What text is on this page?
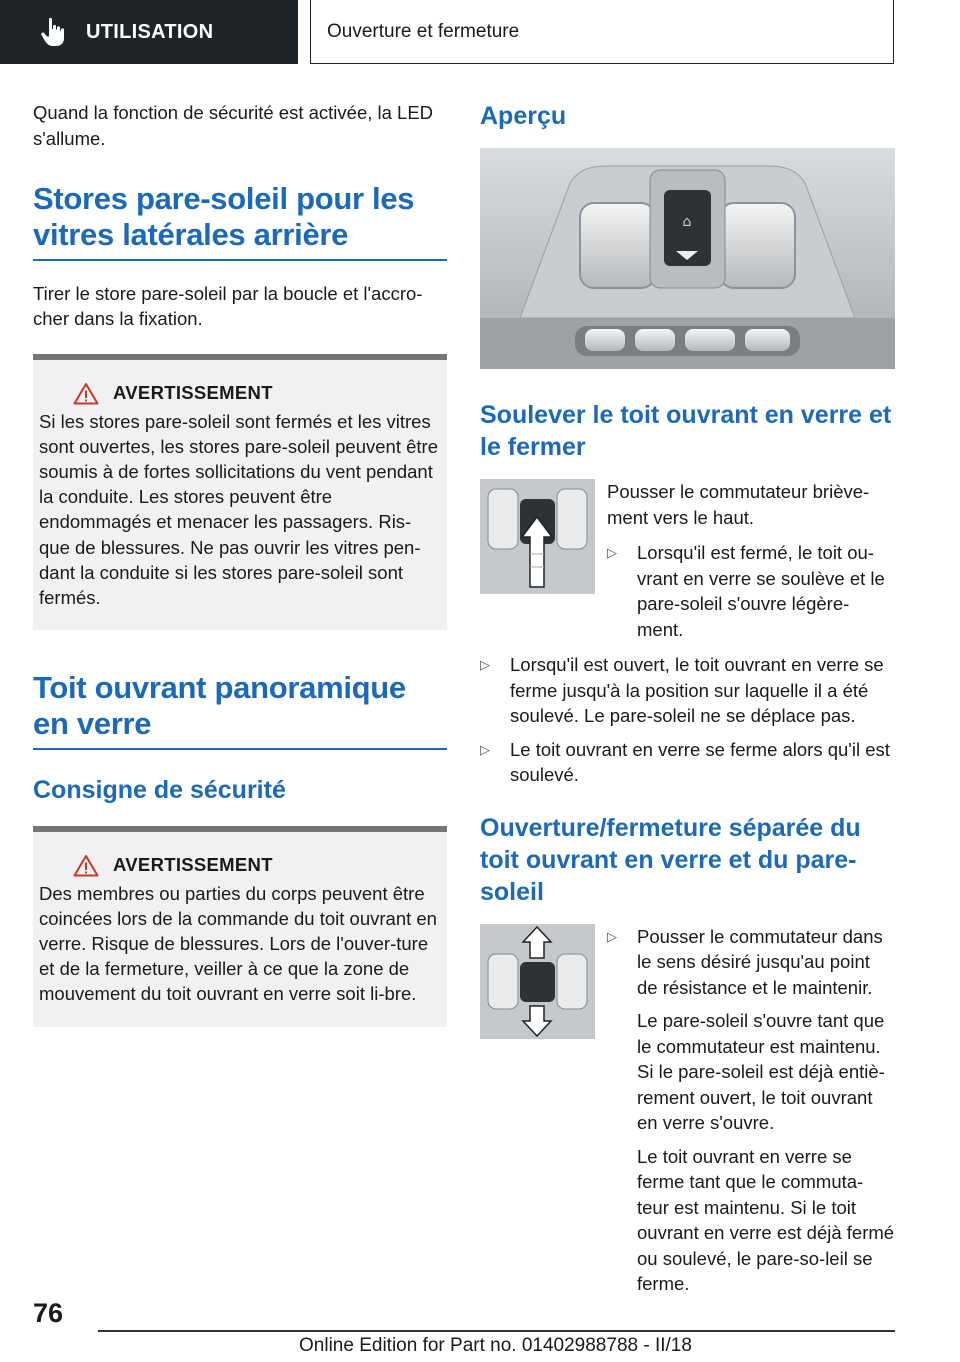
UTILISATION	Ouverture et fermeture

Quand la fonction de sécurité est activée, la LED s'allume.

Stores pare-soleil pour les vitres latérales arrière

Tirer le store pare-soleil par la boucle et l'accro-cher dans la fixation.

AVERTISSEMENT

Si les stores pare-soleil sont fermés et les vitres sont ouvertes, les stores pare-soleil peuvent être soumis à de fortes sollicitations du vent pendant la conduite. Les stores peuvent être endommagés et menacer les passagers. Ris-que de blessures. Ne pas ouvrir les vitres pen-dant la conduite si les stores pare-soleil sont fermés.

Toit ouvrant panoramique en verre
Consigne de sécurité
AVERTISSEMENT

Des membres ou parties du corps peuvent être coincées lors de la commande du toit ouvrant en verre. Risque de blessures. Lors de l'ouver-ture et de la fermeture, veiller à ce que la zone de mouvement du toit ouvrant en verre soit li-bre.

Aperçu
⌂
Soulever le toit ouvrant en verre et le fermer

Pousser le commutateur briève-ment vers le haut.

▷	Lorsqu'il est fermé, le toit ou-vrant en verre se soulève et le pare-soleil s'ouvre légère-ment.

▷	Lorsqu'il est ouvert, le toit ouvrant en verre se ferme jusqu'à la position sur laquelle il a été soulevé. Le pare-soleil ne se déplace pas.

▷	Le toit ouvrant en verre se ferme alors qu'il est soulevé.

Ouverture/fermeture séparée du toit ouvrant en verre et du pare-soleil
▷	Pousser le commutateur dans le sens désiré jusqu'au point de résistance et le maintenir.

Le pare-soleil s'ouvre tant que le commutateur est maintenu. Si le pare-soleil est déjà entiè-rement ouvert, le toit ouvrant en verre s'ouvre.

Le toit ouvrant en verre se ferme tant que le commuta-teur est maintenu. Si le toit ouvrant en verre est déjà fermé ou soulevé, le pare-so-leil se ferme.

76
Online Edition for Part no. 01402988788 - II/18
